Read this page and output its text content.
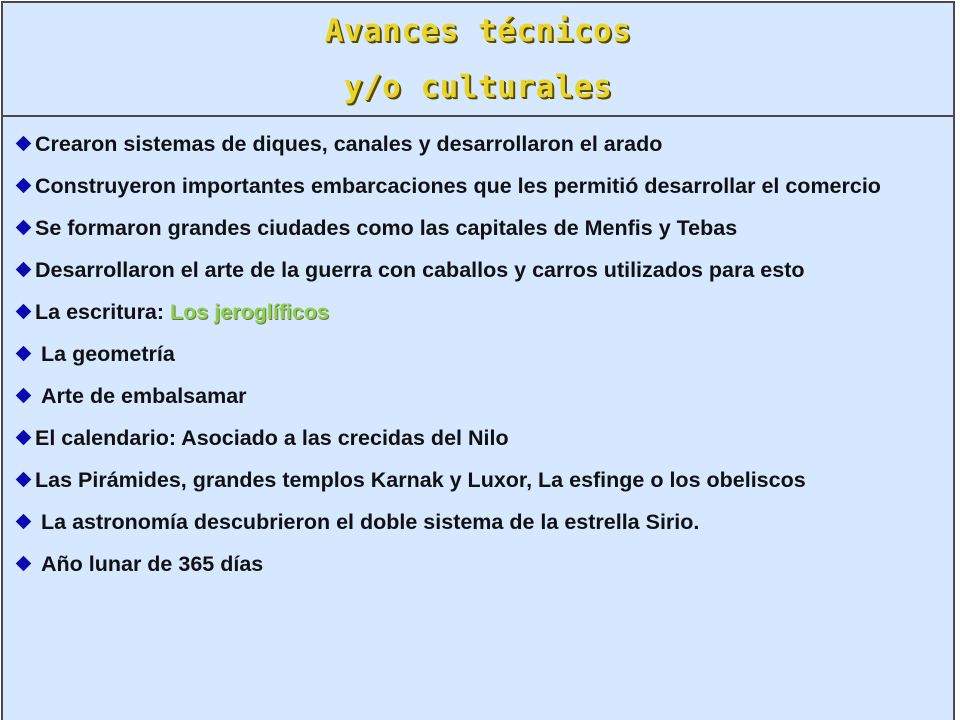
Avances técnicos
y/o culturales
Crearon sistemas de diques, canales y desarrollaron el arado
Construyeron importantes embarcaciones que les permitió desarrollar el comercio
Se formaron grandes ciudades como las capitales de Menfis y Tebas
Desarrollaron el arte de la guerra con caballos y carros utilizados para esto
La escritura: Los jeroglíficos
La geometría
Arte de embalsamar
El calendario: Asociado a las crecidas del Nilo
Las Pirámides, grandes templos Karnak y Luxor, La esfinge o los obeliscos
La astronomía descubrieron el doble sistema de la estrella Sirio.
Año lunar de 365 días
